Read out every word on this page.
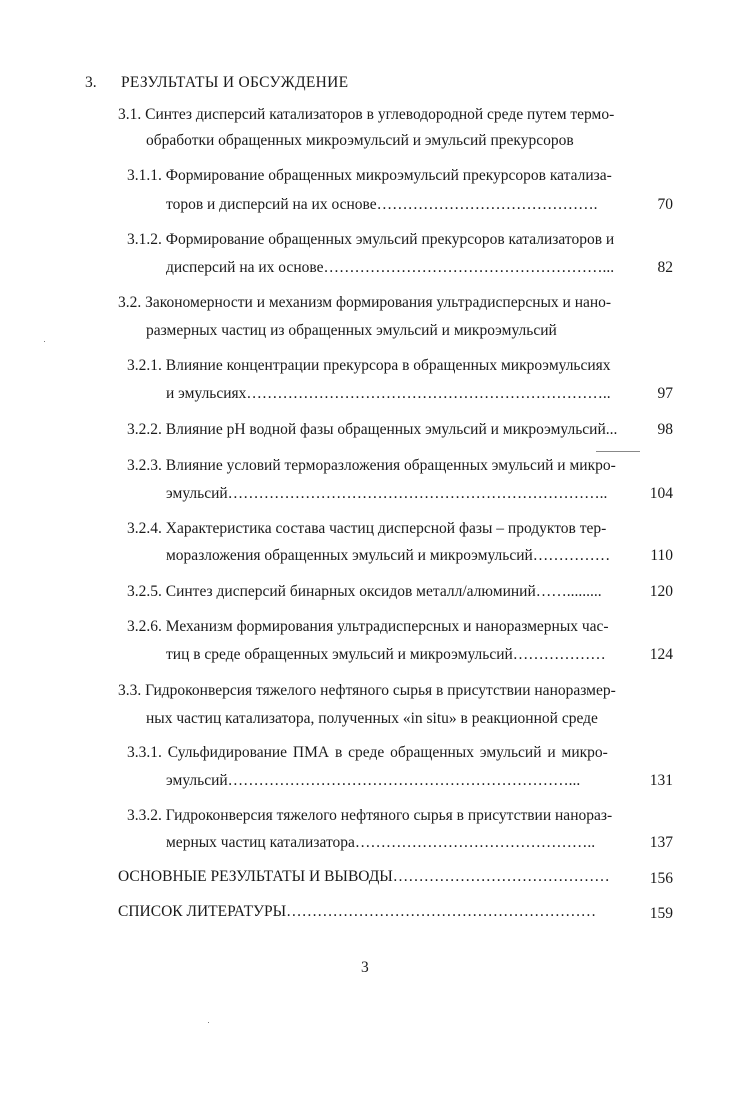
3. РЕЗУЛЬТАТЫ И ОБСУЖДЕНИЕ
3.1. Синтез дисперсий катализаторов в углеводородной среде путем термо-
обработки обращенных микроэмульсий и эмульсий прекурсоров
3.1.1. Формирование обращенных микроэмульсий прекурсоров катализа-
торов и дисперсий на их основе…………………………………….	70
3.1.2. Формирование обращенных эмульсий прекурсоров катализаторов и
дисперсий на их основе………………………………………………...	82
3.2. Закономерности и механизм формирования ультрадисперсных и нано-
размерных частиц из обращенных эмульсий и микроэмульсий
3.2.1. Влияние концентрации прекурсора в обращенных микроэмульсиях
и эмульсиях……………………………………………………………..	97
3.2.2. Влияние pH водной фазы обращенных эмульсий и микроэмульсий...	98
3.2.3. Влияние условий терморазложения обращенных эмульсий и микро-
эмульсий………………………………………………………………..	104
3.2.4. Характеристика состава частиц дисперсной фазы – продуктов тер-
моразложения обращенных эмульсий и микроэмульсий……………	110
3.2.5. Синтез дисперсий бинарных оксидов металл/алюминий…….........	120
3.2.6. Механизм формирования ультрадисперсных и наноразмерных час-
тиц в среде обращенных эмульсий и микроэмульсий………………	124
3.3. Гидроконверсия тяжелого нефтяного сырья в присутствии наноразмер-
ных частиц катализатора, полученных «in situ» в реакционной среде
3.3.1. Сульфидирование ПМА в среде обращенных эмульсий и микро-
эмульсий…………………………………………………………...	131
3.3.2. Гидроконверсия тяжелого нефтяного сырья в присутствии нанораз-
мерных частиц катализатора………………………………………..	137
ОСНОВНЫЕ РЕЗУЛЬТАТЫ И ВЫВОДЫ……………………………………	156
СПИСОК ЛИТЕРАТУРЫ……………………………………………………	159
3
